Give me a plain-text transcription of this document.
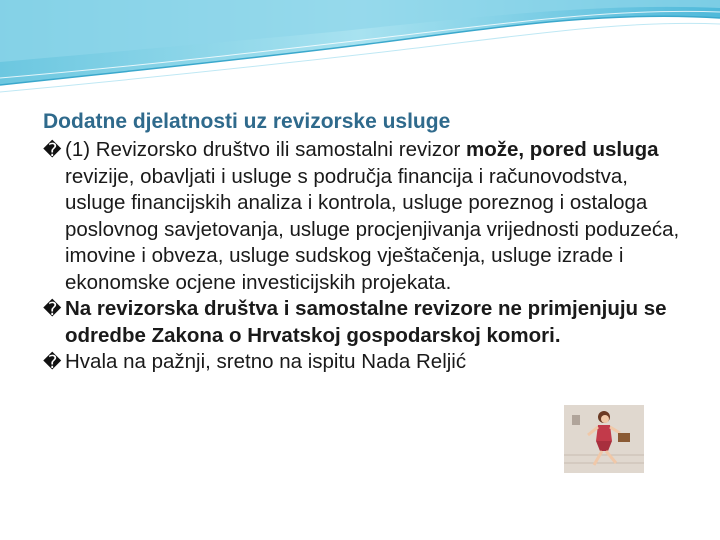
Dodatne djelatnosti uz revizorske usluge
� (1) Revizorsko društvo ili samostalni revizor može, pored usluga revizije, obavljati i usluge s područja financija i računovodstva, usluge financijskih analiza i kontrola, usluge poreznog i ostaloga poslovnog savjetovanja, usluge procjenjivanja vrijednosti poduzeća, imovine i obveza, usluge sudskog vještačenja, usluge izrade i ekonomske ocjene investicijskih projekata.
� Na revizorska društva i samostalne revizore ne primjenjuju se odredbe Zakona o Hrvatskoj gospodarskoj komori.
� Hvala na pažnji, sretno na ispitu Nada Reljić
